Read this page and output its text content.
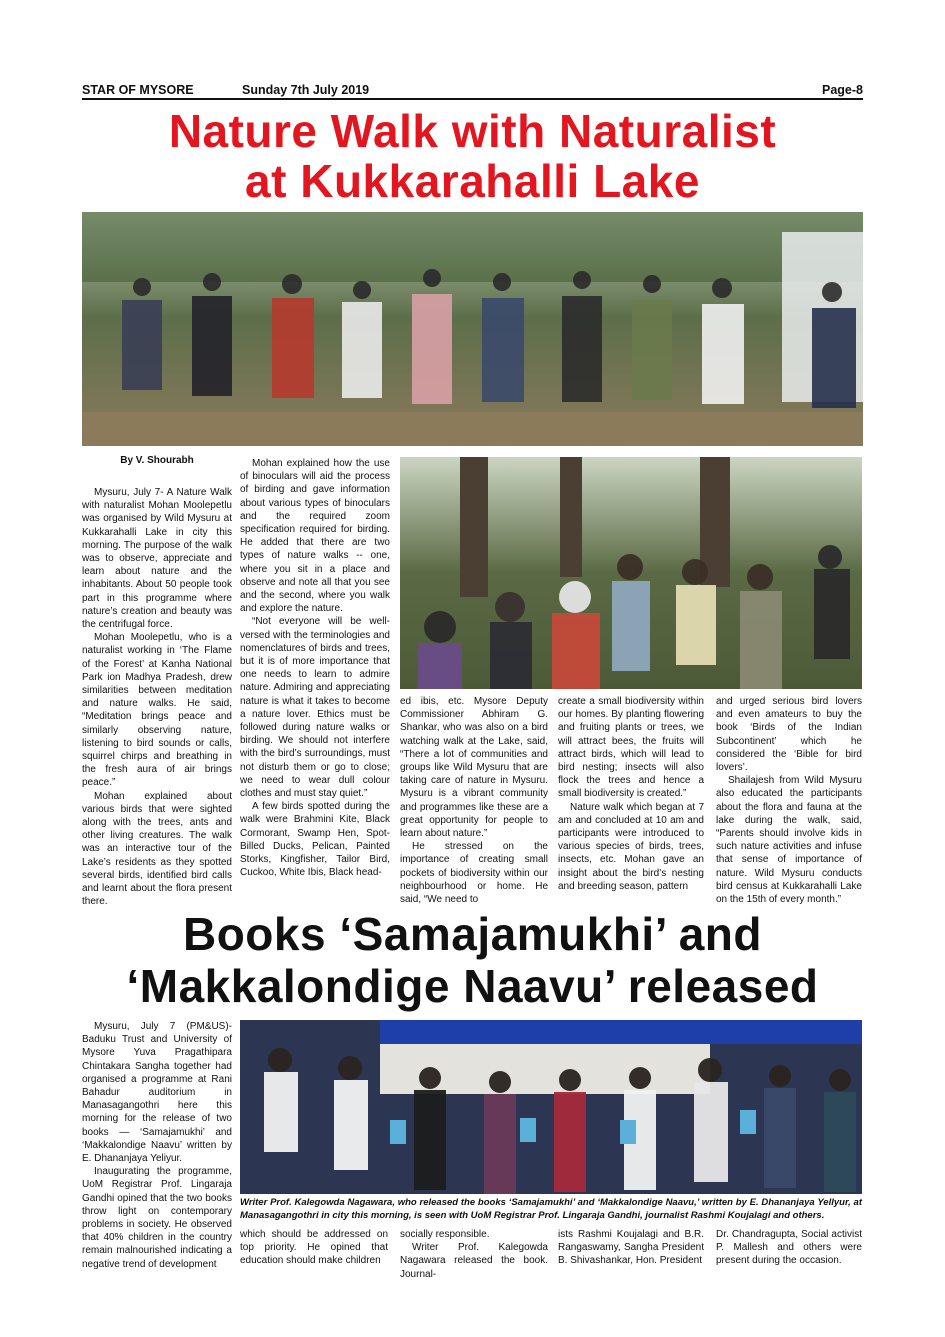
STAR OF MYSORE	Sunday 7th July 2019	Page-8
Nature Walk with Naturalist
at Kukkarahalli Lake
By V. Shourabh

Mysuru, July 7- A Nature Walk with naturalist Mohan Moolepetlu was organised by Wild Mysuru at Kukkarahalli Lake in city this morning. The purpose of the walk was to observe, appreciate and learn about nature and the inhabitants. About 50 people took part in this programme where nature’s creation and beauty was the centrifugal force.

Mohan Moolepetlu, who is a naturalist working in ‘The Flame of the Forest’ at Kanha National Park ion Madhya Pradesh, drew similarities between meditation and nature walks. He said, “Meditation brings peace and similarly observing nature, listening to bird sounds or calls, squirrel chirps and breathing in the fresh aura of air brings peace.”

Mohan explained about various birds that were sighted along with the trees, ants and other living creatures. The walk was an interactive tour of the Lake’s residents as they spotted several birds, identified bird calls and learnt about the flora present there.

Mohan explained how the use of binoculars will aid the process of birding and gave information about various types of binoculars and the required zoom specification required for birding. He added that there are two types of nature walks -- one, where you sit in a place and observe and note all that you see and the second, where you walk and explore the nature.

“Not everyone will be well-versed with the terminologies and nomenclatures of birds and trees, but it is of more importance that one needs to learn to admire nature. Admiring and appreciating nature is what it takes to become a nature lover. Ethics must be followed during nature walks or birding. We should not interfere with the bird’s surroundings, must not disturb them or go to close; we need to wear dull colour clothes and must stay quiet.”

A few birds spotted during the walk were Brahmini Kite, Black Cormorant, Swamp Hen, Spot-Billed Ducks, Pelican, Painted Storks, Kingfisher, Tailor Bird, Cuckoo, White Ibis, Black head-

ed ibis, etc. Mysore Deputy Commissioner Abhiram G. Shankar, who was also on a bird watching walk at the Lake, said, “There a lot of communities and groups like Wild Mysuru that are taking care of nature in Mysuru. Mysuru is a vibrant community and programmes like these are a great opportunity for people to learn about nature.”

He stressed on the importance of creating small pockets of biodiversity within our neighbourhood or home. He said, “We need to

create a small biodiversity within our homes. By planting flowering and fruiting plants or trees, we will attract bees, the fruits will attract birds, which will lead to bird nesting; insects will also flock the trees and hence a small biodiversity is created.”

Nature walk which began at 7 am and concluded at 10 am and participants were introduced to various species of birds, trees, insects, etc. Mohan gave an insight about the bird’s nesting and breeding season, pattern

and urged serious bird lovers and even amateurs to buy the book ‘Birds of the Indian Subcontinent’ which he considered the ‘Bible for bird lovers’.

Shailajesh from Wild Mysuru also educated the participants about the flora and fauna at the lake during the walk, said, “Parents should involve kids in such nature activities and infuse that sense of importance of nature. Wild Mysuru conducts bird census at Kukkarahalli Lake on the 15th of every month.”

Books ‘Samajamukhi’ and
‘Makkalondige Naavu’ released

Mysuru, July 7 (PM&US)- Baduku Trust and University of Mysore Yuva Pragathipara Chintakara Sangha together had organised a programme at Rani Bahadur auditorium in Manasagangothri here this morning for the release of two books — ‘Samajamukhi’ and ‘Makkalondige Naavu’ written by E. Dhananjaya Yeliyur.

Inaugurating the programme, UoM Registrar Prof. Lingaraja Gandhi opined that the two books throw light on contemporary problems in society. He observed that 40% children in the country remain malnourished indicating a negative trend of development

Writer Prof. Kalegowda Nagawara, who released the books ‘Samajamukhi’ and ‘Makkalondige Naavu,’ written by E. Dhananjaya Yellyur, at Manasagangothri in city this morning, is seen with UoM Registrar Prof. Lingaraja Gandhi, journalist Rashmi Koujalagi and others.

which should be addressed on top priority. He opined that education should make children

socially responsible.

Writer Prof. Kalegowda Nagawara released the book. Journal-

ists Rashmi Koujalagi and B.R. Rangaswamy, Sangha President B. Shivashankar, Hon. President

Dr. Chandragupta, Social activist P. Mallesh and others were present during the occasion.
